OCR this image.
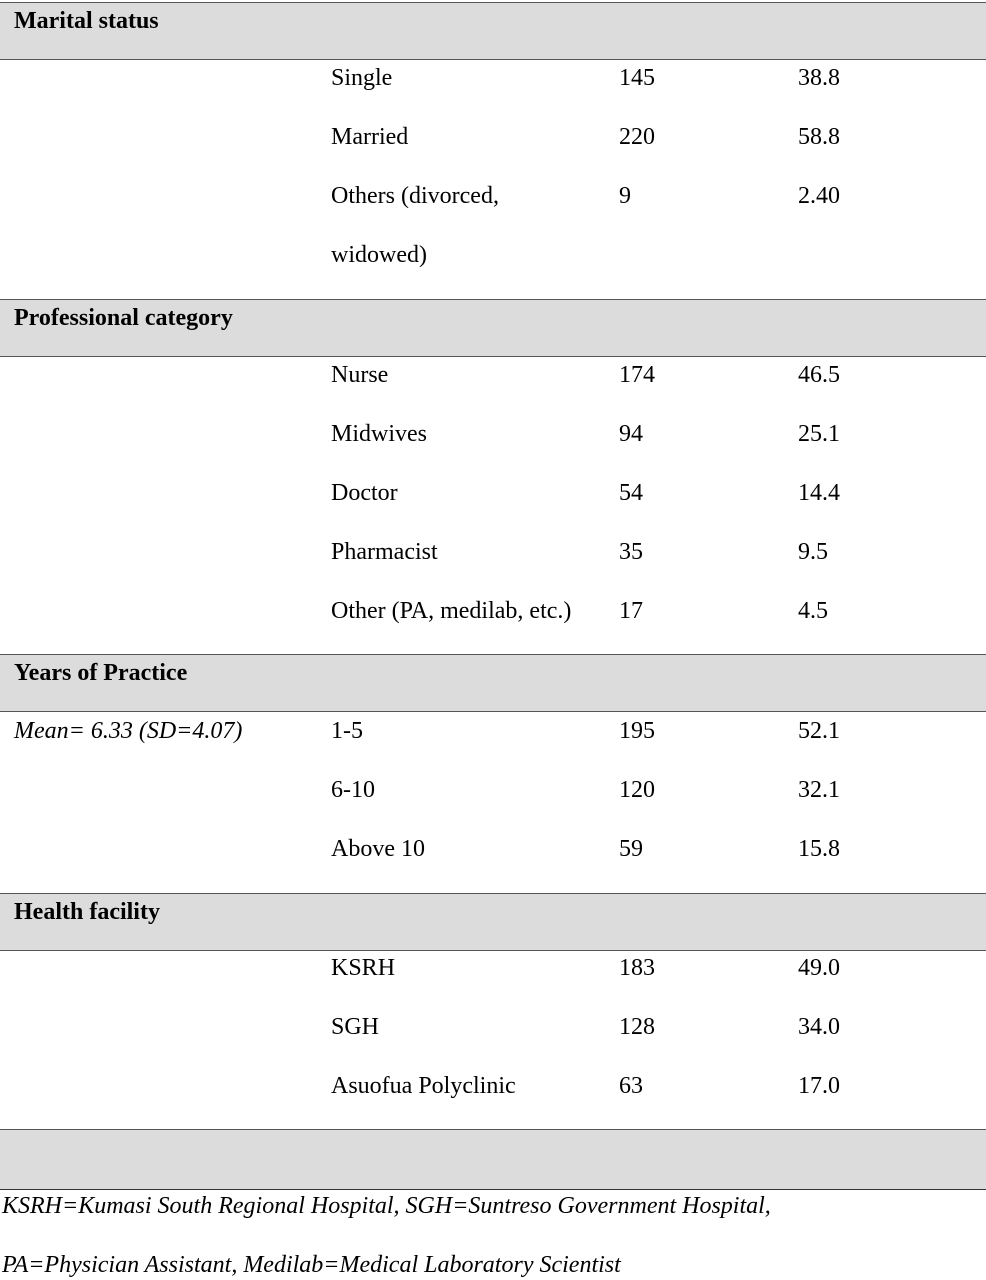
Marital status
Single	145	38.8
Married	220	58.8
Others (divorced,	9	2.40
widowed)
Professional category
Nurse	174	46.5
Midwives	94	25.1
Doctor	54	14.4
Pharmacist	35	9.5
Other (PA, medilab, etc.) 17	4.5
Years of Practice
Mean= 6.33 (SD=4.07)	1-5	195	52.1
6-10	120	32.1
Above 10	59	15.8
Health facility
KSRH	183	49.0
SGH	128	34.0
Asuofua Polyclinic	63	17.0
KSRH=Kumasi South Regional Hospital, SGH=Suntreso Government Hospital,
PA=Physician Assistant, Medilab=Medical Laboratory Scientist
